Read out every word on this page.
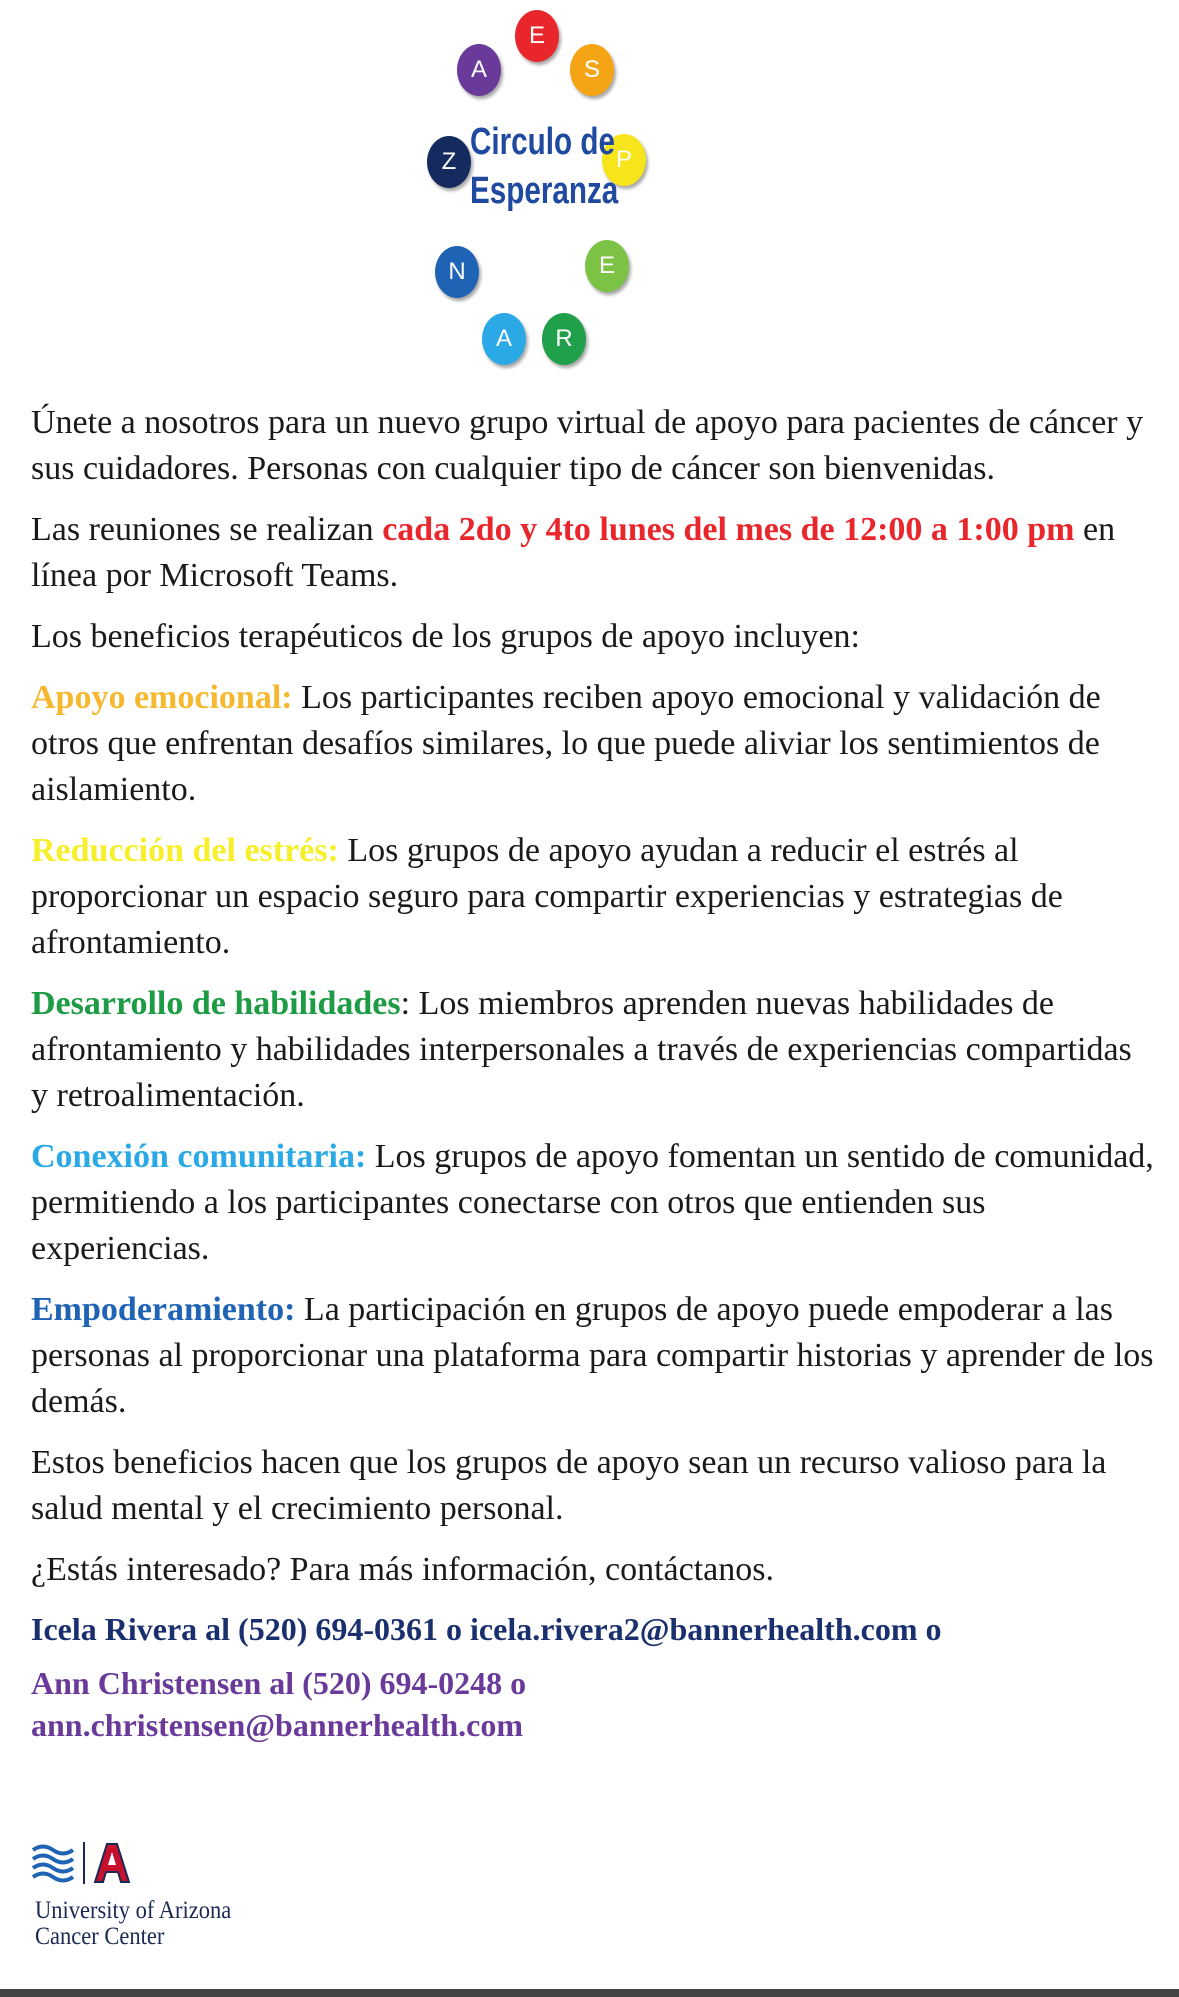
E
S
P
E
R
A
N
Z
A
Circulo de
Esperanza

Únete a nosotros para un nuevo grupo virtual de apoyo para pacientes de cáncer y sus cuidadores. Personas con cualquier tipo de cáncer son bienvenidas.

Las reuniones se realizan cada 2do y 4to lunes del mes de 12:00 a 1:00 pm en línea por Microsoft Teams.

Los beneficios terapéuticos de los grupos de apoyo incluyen:

Apoyo emocional: Los participantes reciben apoyo emocional y validación de otros que enfrentan desafíos similares, lo que puede aliviar los sentimientos de aislamiento.

Reducción del estrés: Los grupos de apoyo ayudan a reducir el estrés al proporcionar un espacio seguro para compartir experiencias y estrategias de afrontamiento.

Desarrollo de habilidades: Los miembros aprenden nuevas habilidades de afrontamiento y habilidades interpersonales a través de experiencias compartidas y retroalimentación.

Conexión comunitaria: Los grupos de apoyo fomentan un sentido de comunidad, permitiendo a los participantes conectarse con otros que entienden sus experiencias.

Empoderamiento: La participación en grupos de apoyo puede empoderar a las personas al proporcionar una plataforma para compartir historias y aprender de los demás.

Estos beneficios hacen que los grupos de apoyo sean un recurso valioso para la salud mental y el crecimiento personal.

¿Estás interesado? Para más información, contáctanos.

Icela Rivera al (520) 694-0361 o icela.rivera2@bannerhealth.com o

Ann Christensen al (520) 694-0248 o ann.christensen@bannerhealth.com

University of Arizona
Cancer Center
